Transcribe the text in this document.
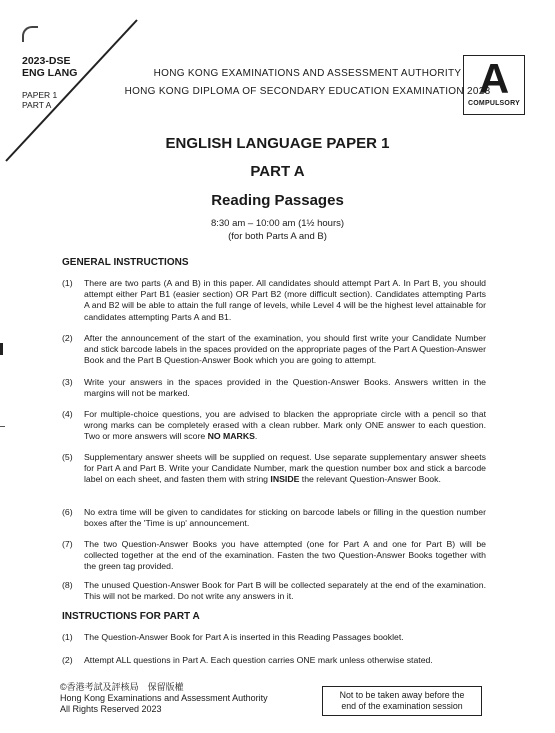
2023-DSE
ENG LANG
PAPER 1
PART A
HONG KONG EXAMINATIONS AND ASSESSMENT AUTHORITY
HONG KONG DIPLOMA OF SECONDARY EDUCATION EXAMINATION 2023
A
COMPULSORY
ENGLISH LANGUAGE PAPER 1
PART A
Reading Passages
8:30 am – 10:00 am (1½ hours)
(for both Parts A and B)
GENERAL INSTRUCTIONS
(1) There are two parts (A and B) in this paper. All candidates should attempt Part A. In Part B, you should attempt either Part B1 (easier section) OR Part B2 (more difficult section). Candidates attempting Parts A and B2 will be able to attain the full range of levels, while Level 4 will be the highest level attainable for candidates attempting Parts A and B1.
(2) After the announcement of the start of the examination, you should first write your Candidate Number and stick barcode labels in the spaces provided on the appropriate pages of the Part A Question-Answer Book and the Part B Question-Answer Book which you are going to attempt.
(3) Write your answers in the spaces provided in the Question-Answer Books. Answers written in the margins will not be marked.
(4) For multiple-choice questions, you are advised to blacken the appropriate circle with a pencil so that wrong marks can be completely erased with a clean rubber. Mark only ONE answer to each question. Two or more answers will score NO MARKS.
(5) Supplementary answer sheets will be supplied on request. Use separate supplementary answer sheets for Part A and Part B. Write your Candidate Number, mark the question number box and stick a barcode label on each sheet, and fasten them with string INSIDE the relevant Question-Answer Book.
(6) No extra time will be given to candidates for sticking on barcode labels or filling in the question number boxes after the 'Time is up' announcement.
(7) The two Question-Answer Books you have attempted (one for Part A and one for Part B) will be collected together at the end of the examination. Fasten the two Question-Answer Books together with the green tag provided.
(8) The unused Question-Answer Book for Part B will be collected separately at the end of the examination. This will not be marked. Do not write any answers in it.
INSTRUCTIONS FOR PART A
(1) The Question-Answer Book for Part A is inserted in this Reading Passages booklet.
(2) Attempt ALL questions in Part A. Each question carries ONE mark unless otherwise stated.
©香港考試及評核局　保留版權
Hong Kong Examinations and Assessment Authority
All Rights Reserved 2023
Not to be taken away before the
end of the examination session
